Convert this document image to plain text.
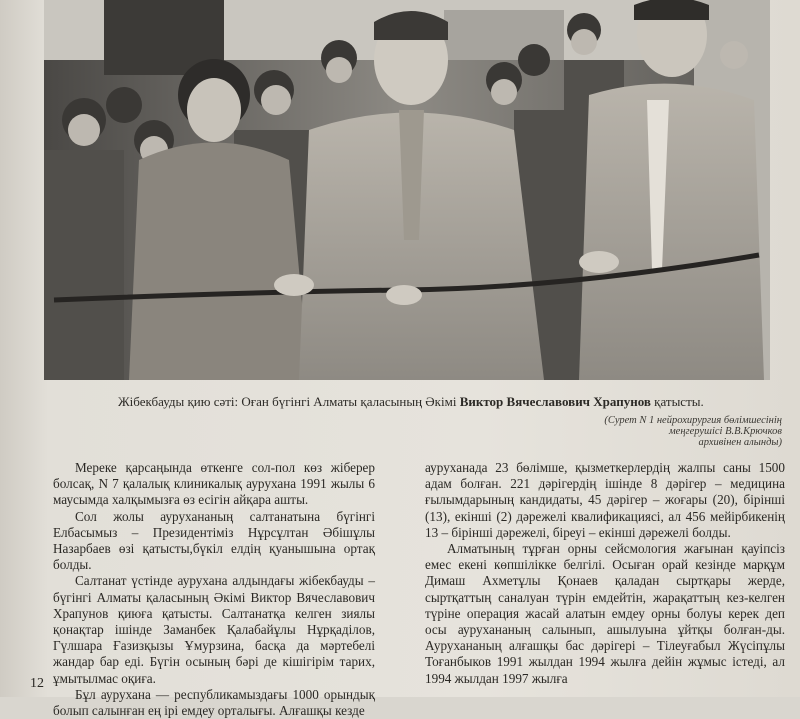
Жібекбауды қию сәті: Оған бүгінгі Алматы қаласының Әкімі Виктор Вячеславович Храпунов қатысты.
(Сурет N 1 нейрохирургия бөлімшесінің
меңгерушісі В.В.Крючков
архивінен алынды)

Мереке қарсаңында өткенге сол-пол көз жіберер болсақ, N 7 қалалық клиникалық аурухана 1991 жылы 6 маусымда халқымызға өз есігін айқара ашты.

Сол жолы аурухананың салтанатына бүгінгі Елбасымыз – Президентіміз Нұрсұлтан Әбішұлы Назарбаев өзі қатысты,бүкіл елдің қуанышына ортақ болды.

Салтанат үстінде аурухана алдындағы жібекбауды – бүгінгі Алматы қаласының Әкімі Виктор Вячеславович Храпунов қиюға қатысты. Салтанатқа келген зиялы қонақтар ішінде Заманбек Қалабайұлы Нұрқаділов, Гүлшара Ғазизқызы Ұмурзина, басқа да мәртебелі жандар бар еді. Бүгін осының бәрі де кішігірім тарих, ұмытылмас оқиға.

Бұл аурухана — республикамыздағы 1000 орындық болып салынған ең ірі емдеу орталығы. Алғашқы кезде

ауруханада 23 бөлімше, қызметкерлердің жалпы саны 1500 адам болған. 221 дәрігердің ішінде 8 дәрігер – медицина ғылымдарының кандидаты, 45 дәрігер – жоғары (20), бірінші (13), екінші (2) дәрежелі квалификациясі, ал 456 мейірбикенің 13 – бірінші дәрежелі, біреуі – екінші дәрежелі болды.

Алматының тұрған орны сейсмология жағынан қауіпсіз емес екені көпшілікке белгілі. Осыған орай кезінде марқұм Димаш Ахметұлы Қонаев қаладан сыртқары жерде, сыртқаттың саналуан түрін емдейтін, жарақаттың кез-келген түріне операция жасай алатын емдеу орны болуы керек деп осы аурухананың салынып, ашылуына ұйтқы болған-ды. Аурухананың алғашқы бас дәрігері – Тілеуғабыл Жүсіпұлы Тоғанбыков 1991 жылдан 1994 жылға дейін жұмыс істеді, ал 1994 жылдан 1997 жылға

12
